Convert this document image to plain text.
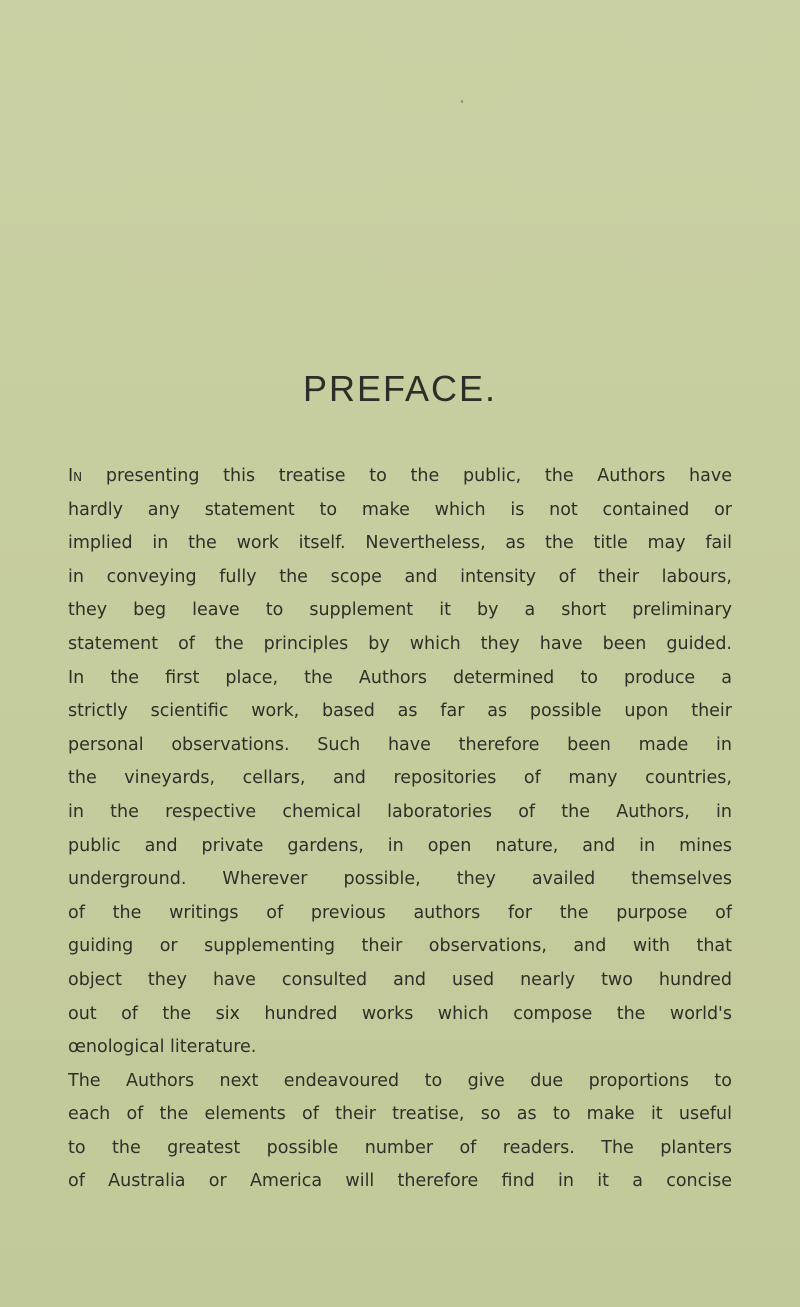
PREFACE.
In presenting this treatise to the public, the Authors have
hardly any statement to make which is not contained or
implied in the work itself. Nevertheless, as the title may fail
in conveying fully the scope and intensity of their labours,
they beg leave to supplement it by a short preliminary
statement of the principles by which they have been guided.
In the first place, the Authors determined to produce a
strictly scientific work, based as far as possible upon their
personal observations. Such have therefore been made in
the vineyards, cellars, and repositories of many countries,
in the respective chemical laboratories of the Authors, in
public and private gardens, in open nature, and in mines
underground. Wherever possible, they availed themselves
of the writings of previous authors for the purpose of
guiding or supplementing their observations, and with that
object they have consulted and used nearly two hundred
out of the six hundred works which compose the world's
œnological literature.
The Authors next endeavoured to give due proportions to
each of the elements of their treatise, so as to make it useful
to the greatest possible number of readers. The planters
of Australia or America will therefore find in it a concise
